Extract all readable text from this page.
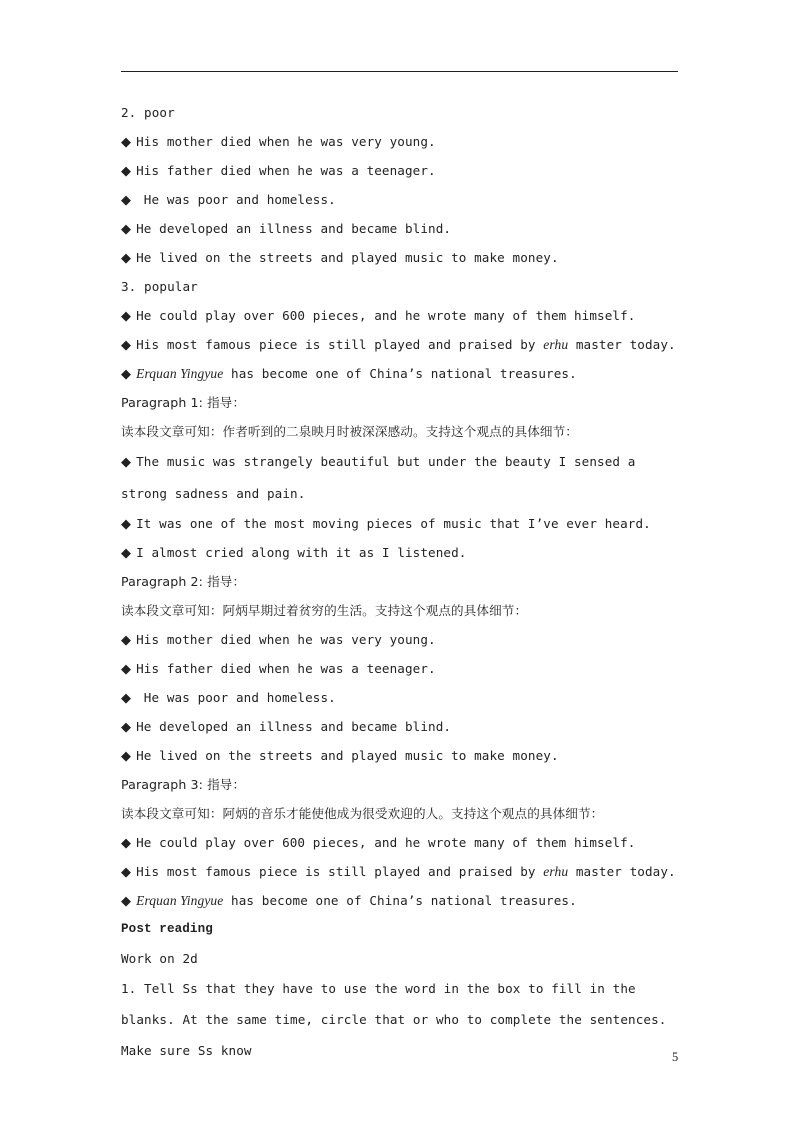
2. poor
◆ His mother died when he was very young.
◆ His father died when he was a teenager.
◆ He was poor and homeless.
◆ He developed an illness and became blind.
◆ He lived on the streets and played music to make money.
3. popular
◆ He could play over 600 pieces, and he wrote many of them himself.
◆ His most famous piece is still played and praised by erhu master today.
◆ Erquan Yingyue has become one of China’s national treasures.
Paragraph 1: 指导：
读本段文章可知：作者听到的二泉映月时被深深感动。支持这个观点的具体细节：
◆ The music was strangely beautiful but under the beauty I sensed a strong sadness and pain.
◆ It was one of the most moving pieces of music that I’ve ever heard.
◆ I almost cried along with it as I listened.
Paragraph 2: 指导：
读本段文章可知：阿炳早期过着贫穷的生活。支持这个观点的具体细节：
◆ His mother died when he was very young.
◆ His father died when he was a teenager.
◆ He was poor and homeless.
◆ He developed an illness and became blind.
◆ He lived on the streets and played music to make money.
Paragraph 3: 指导：
读本段文章可知：阿炳的音乐才能使他成为很受欢迎的人。支持这个观点的具体细节：
◆ He could play over 600 pieces, and he wrote many of them himself.
◆ His most famous piece is still played and praised by erhu master today.
◆ Erquan Yingyue has become one of China’s national treasures.
Post reading
Work on 2d
1. Tell Ss that they have to use the word in the box to fill in the blanks. At the same time, circle that or who to complete the sentences. Make sure Ss know	5
